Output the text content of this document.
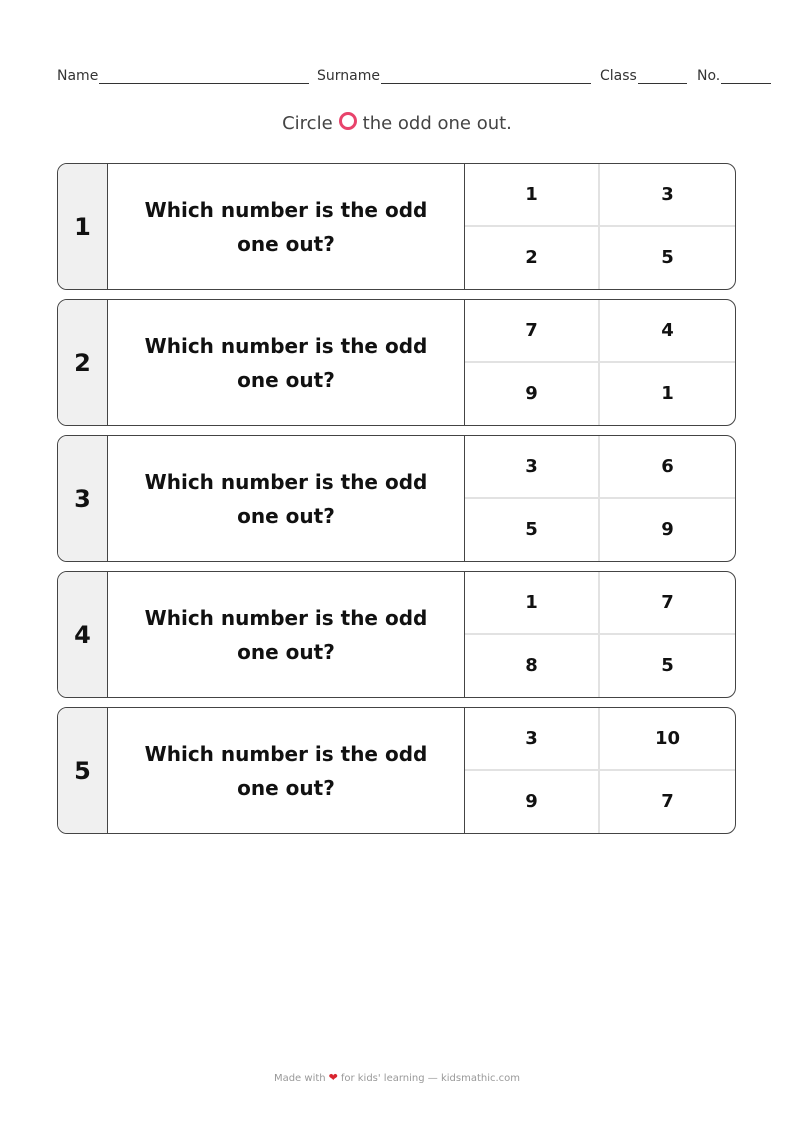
Name	Surname	Class	No.
Circle the odd one out.
1
Which number is the odd one out?
1	3
2	5
2
Which number is the odd one out?
7	4
9	1
3
Which number is the odd one out?
3	6
5	9
4
Which number is the odd one out?
1	7
8	5
5
Which number is the odd one out?
3	10
9	7
Made with ❤ for kids' learning — kidsmathic.com
